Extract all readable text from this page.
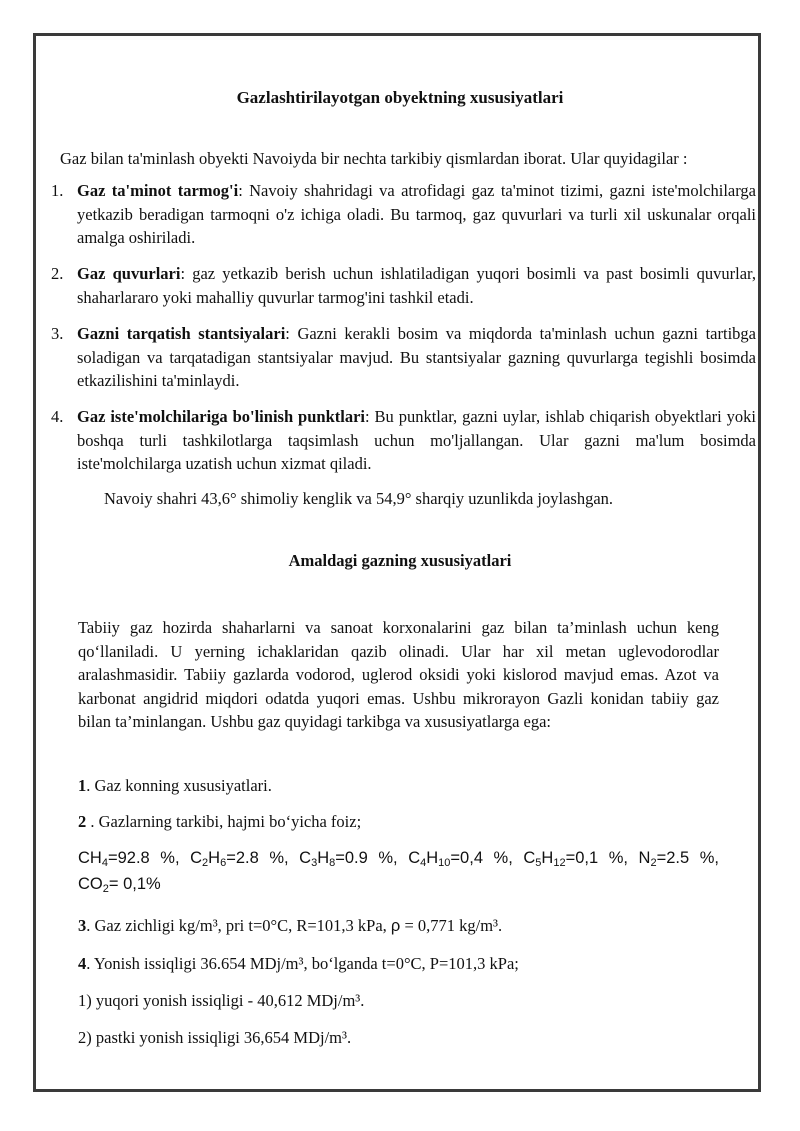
Gazlashtirilayotgan obyektning xususiyatlari
Gaz bilan ta'minlash obyekti Navoiyda bir nechta tarkibiy qismlardan iborat. Ular quyidagilar :
1. Gaz ta'minot tarmog'i: Navoiy shahridagi va atrofidagi gaz ta'minot tizimi, gazni iste'molchilarga yetkazib beradigan tarmoqni o'z ichiga oladi. Bu tarmoq, gaz quvurlari va turli xil uskunalar orqali amalga oshiriladi.
2. Gaz quvurlari: gaz yetkazib berish uchun ishlatiladigan yuqori bosimli va past bosimli quvurlar, shaharlararo yoki mahalliy quvurlar tarmog'ini tashkil etadi.
3. Gazni tarqatish stantsiyalari: Gazni kerakli bosim va miqdorda ta'minlash uchun gazni tartibga soladigan va tarqatadigan stantsiyalar mavjud. Bu stantsiyalar gazning quvurlarga tegishli bosimda etkazilishini ta'minlaydi.
4. Gaz iste'molchilariga bo'linish punktlari: Bu punktlar, gazni uylar, ishlab chiqarish obyektlari yoki boshqa turli tashkilotlarga taqsimlash uchun mo'ljallangan. Ular gazni ma'lum bosimda iste'molchilarga uzatish uchun xizmat qiladi.
Navoiy shahri 43,6° shimoliy kenglik va 54,9° sharqiy uzunlikda joylashgan.
Amaldagi gazning xususiyatlari
Tabiiy gaz hozirda shaharlarni va sanoat korxonalarini gaz bilan ta’minlash uchun keng qo‘llaniladi. U yerning ichaklaridan qazib olinadi. Ular har xil metan uglevodorodlar aralashmasidir. Tabiiy gazlarda vodorod, uglerod oksidi yoki kislorod mavjud emas. Azot va karbonat angidrid miqdori odatda yuqori emas. Ushbu mikrorayon Gazli konidan tabiiy gaz bilan ta’minlangan. Ushbu gaz quyidagi tarkibga va xususiyatlarga ega:
1. Gaz konning xususiyatlari.
2 . Gazlarning tarkibi, hajmi bo‘yicha foiz;
$CH_4=92.8$ %, $C_2H_6=2.8$ %, $C_3H_8=0.9$ %, $C_4H_{10}=0,4$ %, $C_5H_{12}=0,1$ %, $N_2=2.5$ %,
$CO_2= 0,1\%$
3. Gaz zichligi kg/m³, pri t=0°C, R=101,3 kPa, ρ = 0,771 kg/m³.
4. Yonish issiqligi 36.654 MDj/m³, bo‘lganda t=0°C, P=101,3 kPa;
1) yuqori yonish issiqligi - 40,612 MDj/m³.
2) pastki yonish issiqligi 36,654 MDj/m³.
